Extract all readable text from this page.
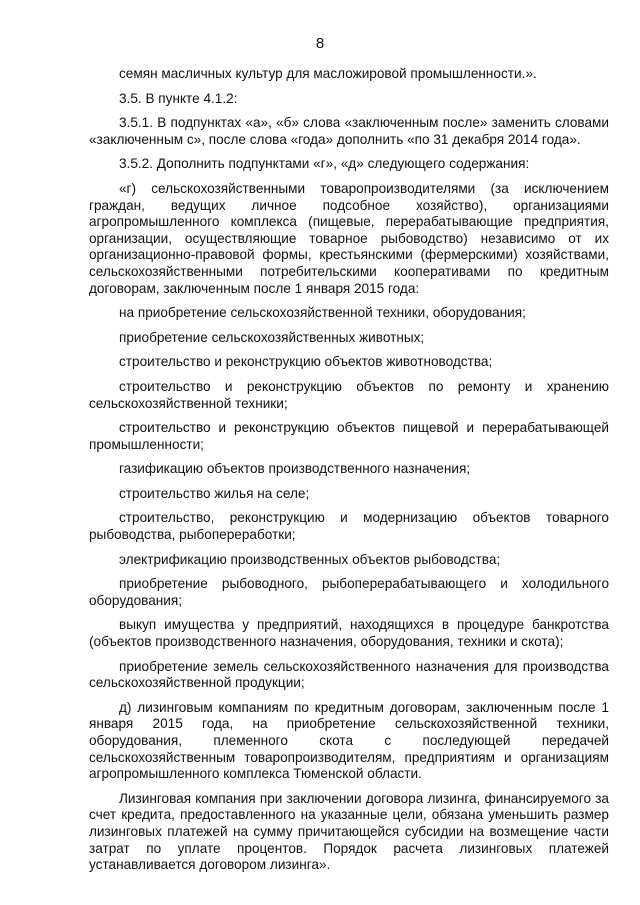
8

семян масличных культур для масложировой промышленности.».

3.5. В пункте 4.1.2:

3.5.1. В подпунктах «а», «б» слова «заключенным после» заменить словами «заключенным с», после слова «года» дополнить «по 31 декабря 2014 года».

3.5.2. Дополнить подпунктами «г», «д» следующего содержания:

«г) сельскохозяйственными товаропроизводителями (за исключением граждан, ведущих личное подсобное хозяйство), организациями агропромышленного комплекса (пищевые, перерабатывающие предприятия, организации, осуществляющие товарное рыбоводство) независимо от их организационно-правовой формы, крестьянскими (фермерскими) хозяйствами, сельскохозяйственными потребительскими кооперативами по кредитным договорам, заключенным после 1 января 2015 года:

на приобретение сельскохозяйственной техники, оборудования;

приобретение сельскохозяйственных животных;

строительство и реконструкцию объектов животноводства;

строительство и реконструкцию объектов по ремонту и хранению сельскохозяйственной техники;

строительство и реконструкцию объектов пищевой и перерабатывающей промышленности;

газификацию объектов производственного назначения;

строительство жилья на селе;

строительство, реконструкцию и модернизацию объектов товарного рыбоводства, рыбопереработки;

электрификацию производственных объектов рыбоводства;

приобретение рыбоводного, рыбоперерабатывающего и холодильного оборудования;

выкуп имущества у предприятий, находящихся в процедуре банкротства (объектов производственного назначения, оборудования, техники и скота);

приобретение земель сельскохозяйственного назначения для производства сельскохозяйственной продукции;

д) лизинговым компаниям по кредитным договорам, заключенным после 1 января 2015 года, на приобретение сельскохозяйственной техники, оборудования, племенного скота с последующей передачей сельскохозяйственным товаропроизводителям, предприятиям и организациям агропромышленного комплекса Тюменской области.

Лизинговая компания при заключении договора лизинга, финансируемого за счет кредита, предоставленного на указанные цели, обязана уменьшить размер лизинговых платежей на сумму причитающейся субсидии на возмещение части затрат по уплате процентов. Порядок расчета лизинговых платежей устанавливается договором лизинга».
